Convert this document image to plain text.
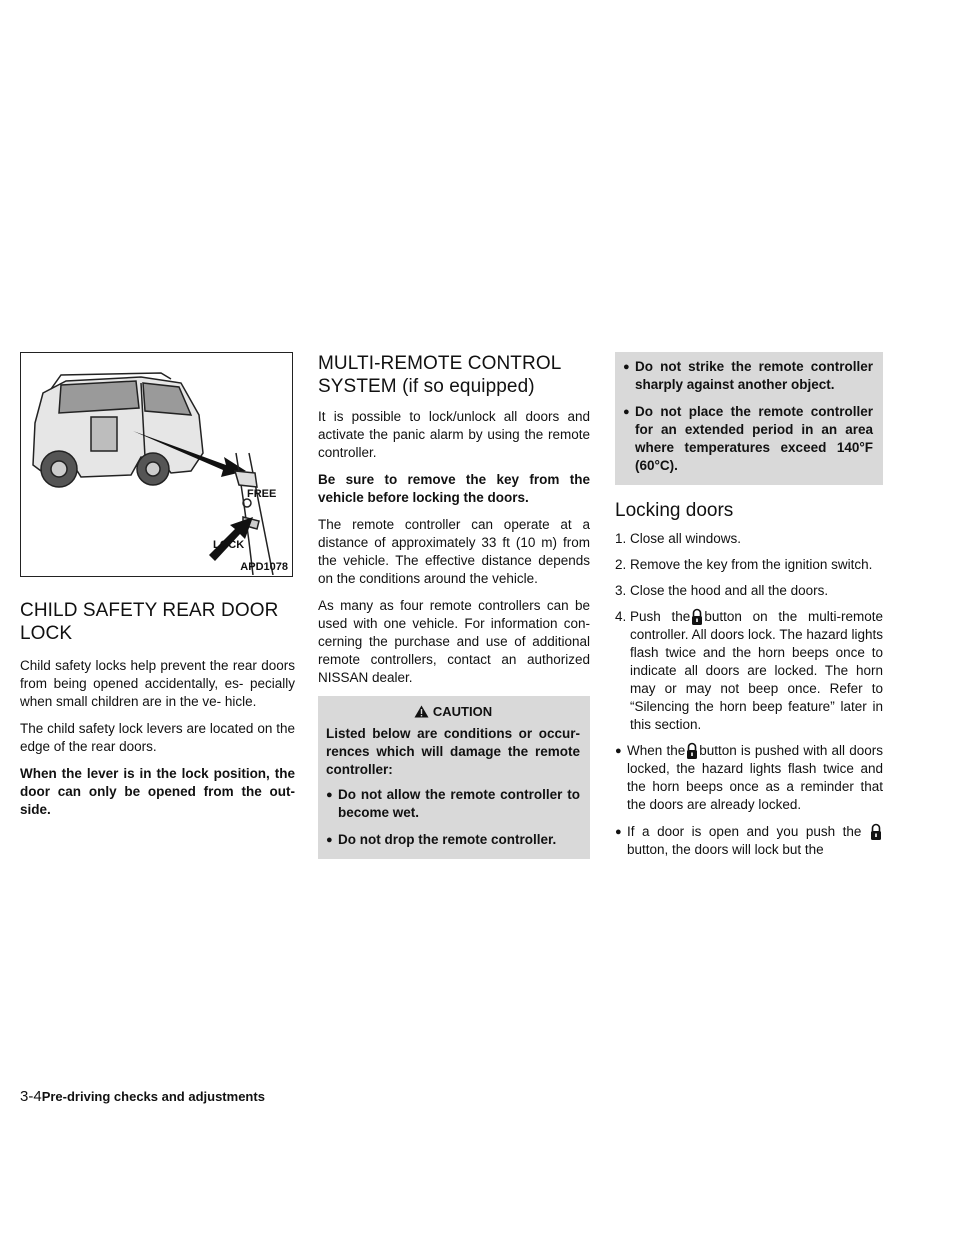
FREE
LOCK
APD1078
CHILD SAFETY REAR DOOR LOCK

Child safety locks help prevent the rear doors from being opened accidentally, es- pecially when small children are in the ve- hicle.

The child safety lock levers are located on the edge of the rear doors.

When the lever is in the lock position, the door can only be opened from the out- side.

MULTI-REMOTE CONTROL SYSTEM (if so equipped)

It is possible to lock/unlock all doors and activate the panic alarm by using the remote controller.

Be sure to remove the key from the vehicle before locking the doors.

The remote controller can operate at a distance of approximately 33 ft (10 m) from the vehicle. The effective distance depends on the conditions around the vehicle.

As many as four remote controllers can be used with one vehicle. For information con- cerning the purchase and use of additional remote controllers, contact an authorized NISSAN dealer.

CAUTION

Listed below are conditions or occur- rences which will damage the remote controller:

● Do not allow the remote controller to become wet.
● Do not drop the remote controller.
● Do not strike the remote controller sharply against another object.
● Do not place the remote controller for an extended period in an area where temperatures exceed 140°F (60°C).
Locking doors
1. Close all windows.
2. Remove the key from the ignition switch.
3. Close the hood and all the doors.
4. Push the button on the multi-remote controller. All doors lock. The hazard lights flash twice and the horn beeps once to indicate all doors are locked. The horn may or may not beep once. Refer to “Silencing the horn beep feature” later in this section.
● When the button is pushed with all doors locked, the hazard lights flash twice and the horn beeps once as a reminder that the doors are already locked.
● If a door is open and you push the button, the doors will lock but the
3-4Pre-driving checks and adjustments
